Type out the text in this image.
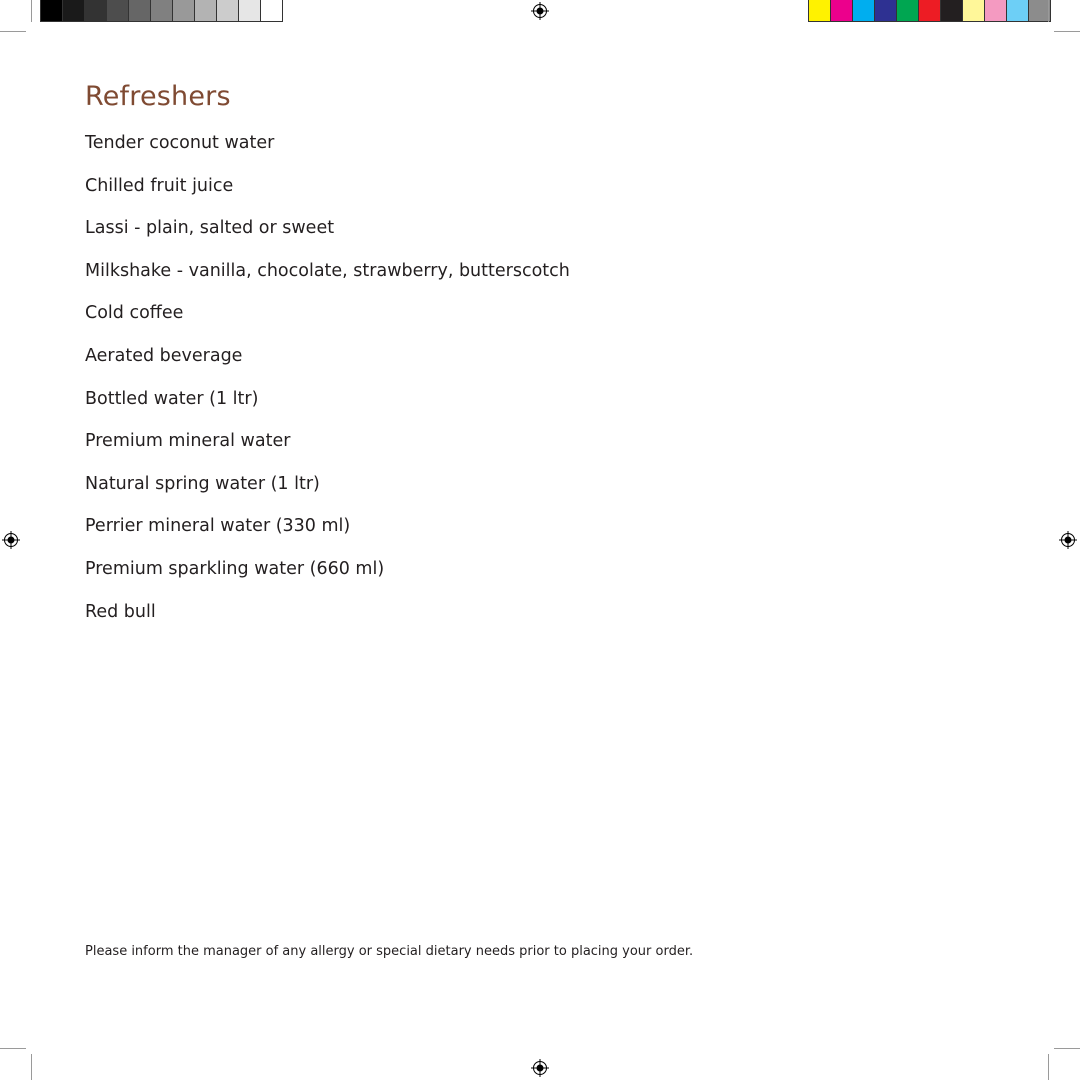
Refreshers
Tender coconut water
Chilled fruit juice
Lassi - plain, salted or sweet
Milkshake - vanilla, chocolate, strawberry, butterscotch
Cold coffee
Aerated beverage
Bottled water (1 ltr)
Premium mineral water
Natural spring water (1 ltr)
Perrier mineral water (330 ml)
Premium sparkling water (660 ml)
Red bull

Please inform the manager of any allergy or special dietary needs prior to placing your order.
